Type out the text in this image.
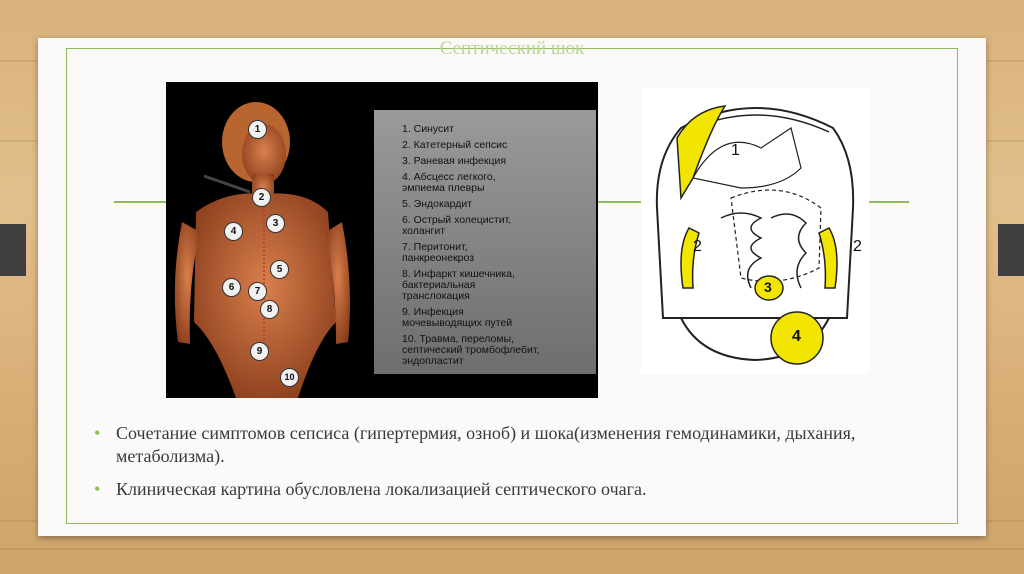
Септический шок
1
2
3
4
5
6	7
8
9
10
1. Синусит
2. Катетерный сепсис
3. Раневая инфекция
4. Абсцесс легкого,
эмпиема плевры
5. Эндокардит
6. Острый холецистит,
холангит
7. Перитонит,
панкреонекроз
8. Инфаркт кишечника,
бактериальная
транслокация
9. Инфекция
мочевыводящих путей
10. Травма, переломы,
септический тромбофлебит,
эндопластит
1
2	2
3
4
• Сочетание симптомов сепсиса (гипертермия, озноб) и шока(изменения гемодинамики, дыхания, метаболизма).
• Клиническая картина обусловлена локализацией септического очага.
